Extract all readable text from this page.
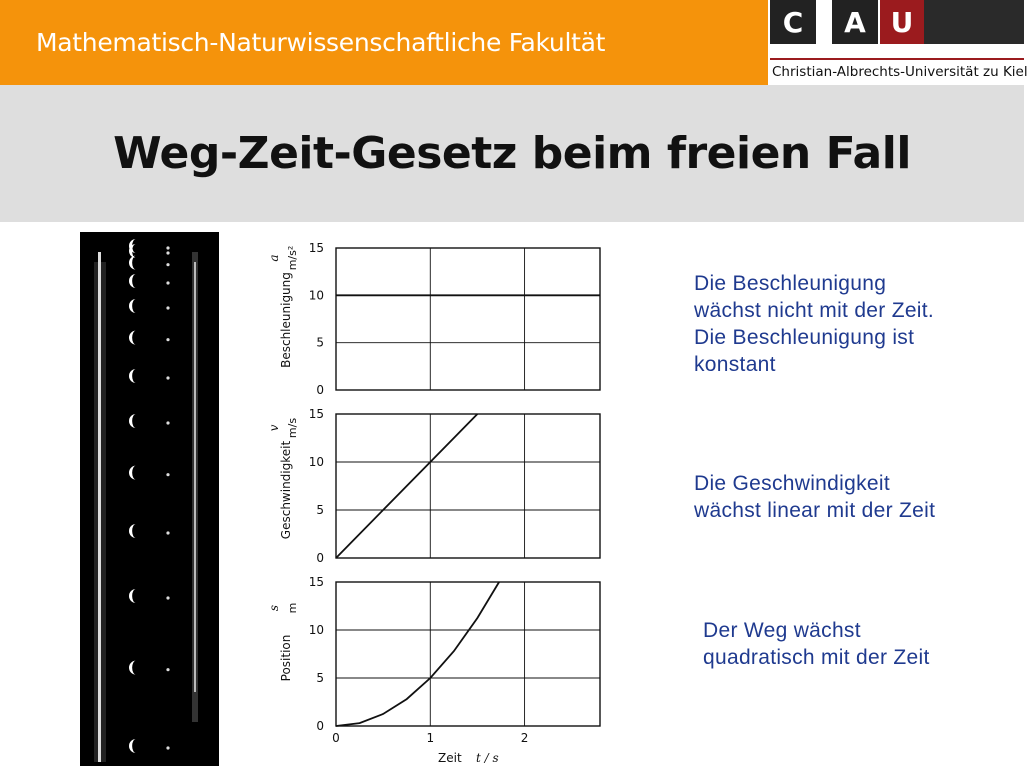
Mathematisch-Naturwissenschaftliche Fakultät
C	A U
Christian-Albrechts-Universität zu Kiel
Weg-Zeit-Gesetz beim freien Fall
Beschleunigung
a m/s²
0
5
10
15
Geschwindigkeit
v m/s
0
5
10
15
Position
s m
Zeit t / s
0
5
10
15
0	1	2
Die Beschleunigung
wächst nicht mit der Zeit.
Die Beschleunigung ist
konstant
Die Geschwindigkeit
wächst linear mit der Zeit
Der Weg wächst
quadratisch mit der Zeit
